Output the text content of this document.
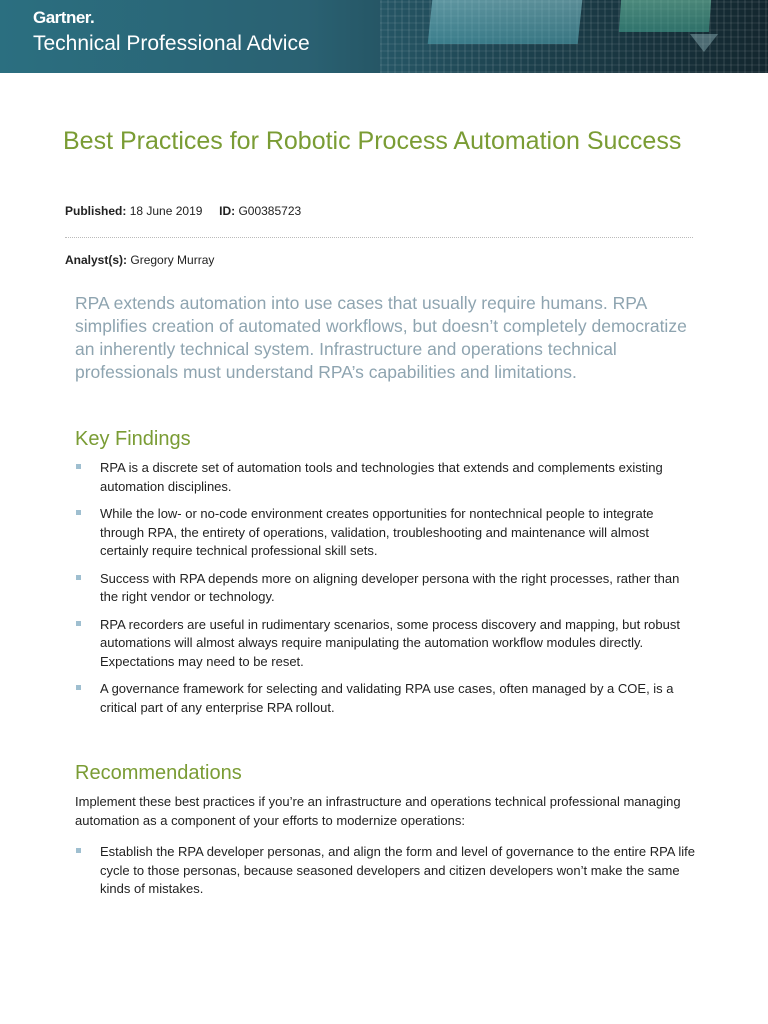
Gartner.
Technical Professional Advice
Best Practices for Robotic Process Automation Success
Published: 18 June 2019 ID: G00385723
Analyst(s): Gregory Murray

RPA extends automation into use cases that usually require humans. RPA simplifies creation of automated workflows, but doesn’t completely democratize an inherently technical system. Infrastructure and operations technical professionals must understand RPA’s capabilities and limitations.

Key Findings
RPA is a discrete set of automation tools and technologies that extends and complements existing automation disciplines.
While the low- or no-code environment creates opportunities for nontechnical people to integrate through RPA, the entirety of operations, validation, troubleshooting and maintenance will almost certainly require technical professional skill sets.
Success with RPA depends more on aligning developer persona with the right processes, rather than the right vendor or technology.
RPA recorders are useful in rudimentary scenarios, some process discovery and mapping, but robust automations will almost always require manipulating the automation workflow modules directly. Expectations may need to be reset.
A governance framework for selecting and validating RPA use cases, often managed by a COE, is a critical part of any enterprise RPA rollout.
Recommendations

Implement these best practices if you’re an infrastructure and operations technical professional managing automation as a component of your efforts to modernize operations:

Establish the RPA developer personas, and align the form and level of governance to the entire RPA life cycle to those personas, because seasoned developers and citizen developers won’t make the same kinds of mistakes.
